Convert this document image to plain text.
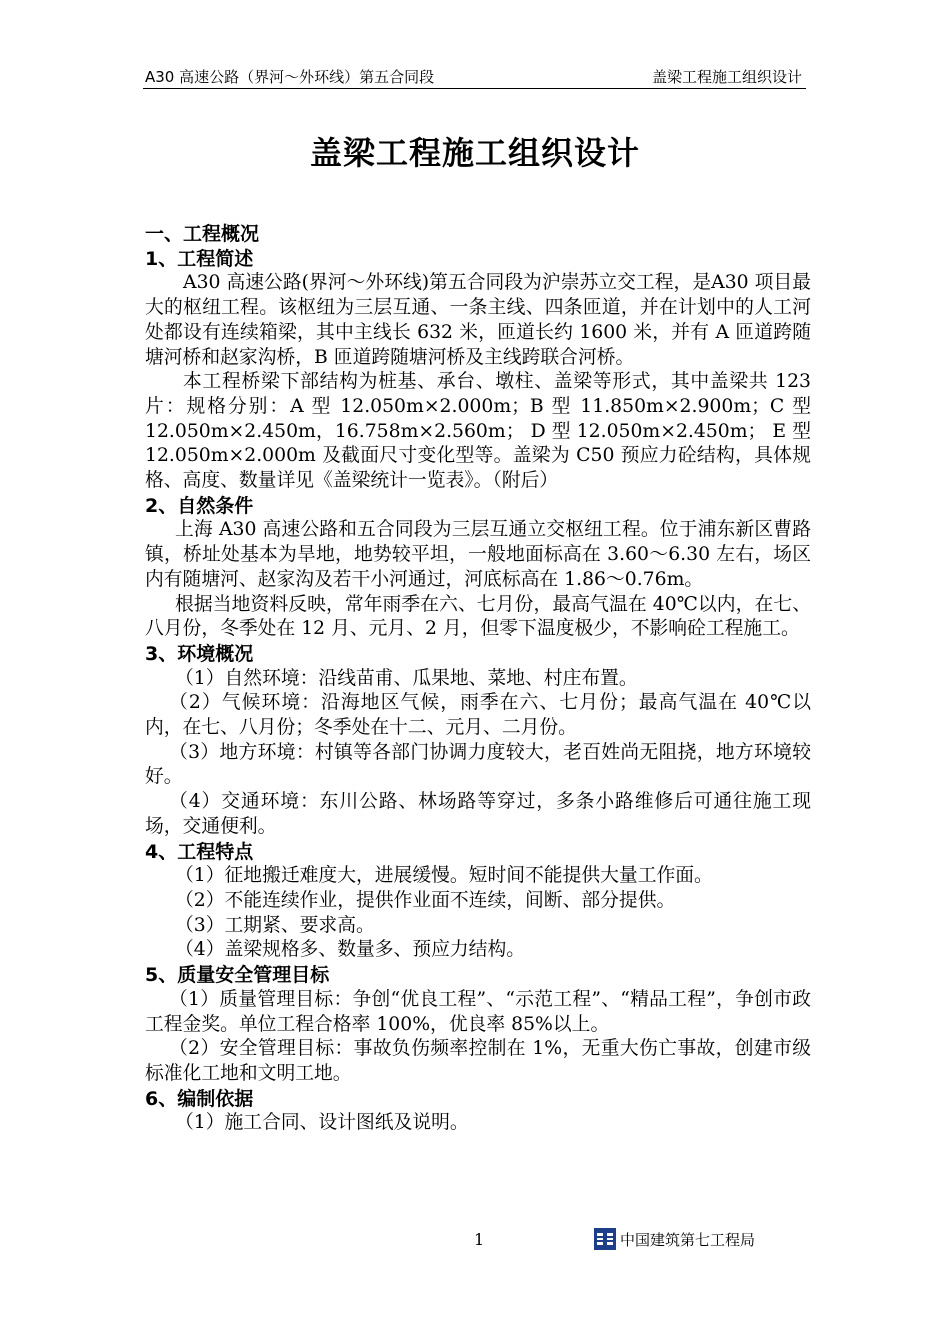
A30 高速公路（界河～外环线）第五合同段	盖梁工程施工组织设计
盖梁工程施工组织设计
一、工程概况
1、工程简述

A30 高速公路(界河～外环线)第五合同段为沪崇苏立交工程，是A30 项目最大的枢纽工程。该枢纽为三层互通、一条主线、四条匝道，并在计划中的人工河处都设有连续箱梁，其中主线长 632 米，匝道长约 1600 米，并有 A 匝道跨随塘河桥和赵家沟桥，B 匝道跨随塘河桥及主线跨联合河桥。

本工程桥梁下部结构为桩基、承台、墩柱、盖梁等形式，其中盖梁共 123 片：规格分别：A 型 12.050m×2.000m；B 型 11.850m×2.900m；C 型 12.050m×2.450m，16.758m×2.560m； D 型 12.050m×2.450m； E 型 12.050m×2.000m 及截面尺寸变化型等。盖梁为 C50 预应力砼结构，具体规格、高度、数量详见《盖梁统计一览表》。（附后）

2、自然条件

上海 A30 高速公路和五合同段为三层互通立交枢纽工程。位于浦东新区曹路镇，桥址处基本为旱地，地势较平坦，一般地面标高在 3.60～6.30 左右，场区内有随塘河、赵家沟及若干小河通过，河底标高在 1.86～0.76m。

根据当地资料反映，常年雨季在六、七月份，最高气温在 40℃以内，在七、八月份，冬季处在 12 月、元月、2 月，但零下温度极少，不影响砼工程施工。

3、环境概况

（1）自然环境：沿线苗甫、瓜果地、菜地、村庄布置。

（2）气候环境：沿海地区气候，雨季在六、七月份；最高气温在 40℃以内，在七、八月份；冬季处在十二、元月、二月份。

（3）地方环境：村镇等各部门协调力度较大，老百姓尚无阻挠，地方环境较好。

（4）交通环境：东川公路、林场路等穿过，多条小路维修后可通往施工现场，交通便利。

4、工程特点

（1）征地搬迁难度大，进展缓慢。短时间不能提供大量工作面。

（2）不能连续作业，提供作业面不连续，间断、部分提供。

（3）工期紧、要求高。

（4）盖梁规格多、数量多、预应力结构。

5、质量安全管理目标

（1）质量管理目标：争创“优良工程”、“示范工程”、“精品工程”，争创市政工程金奖。单位工程合格率 100%，优良率 85%以上。

（2）安全管理目标：事故负伤频率控制在 1%，无重大伤亡事故，创建市级标准化工地和文明工地。

6、编制依据

（1）施工合同、设计图纸及说明。

1	中国建筑第七工程局
